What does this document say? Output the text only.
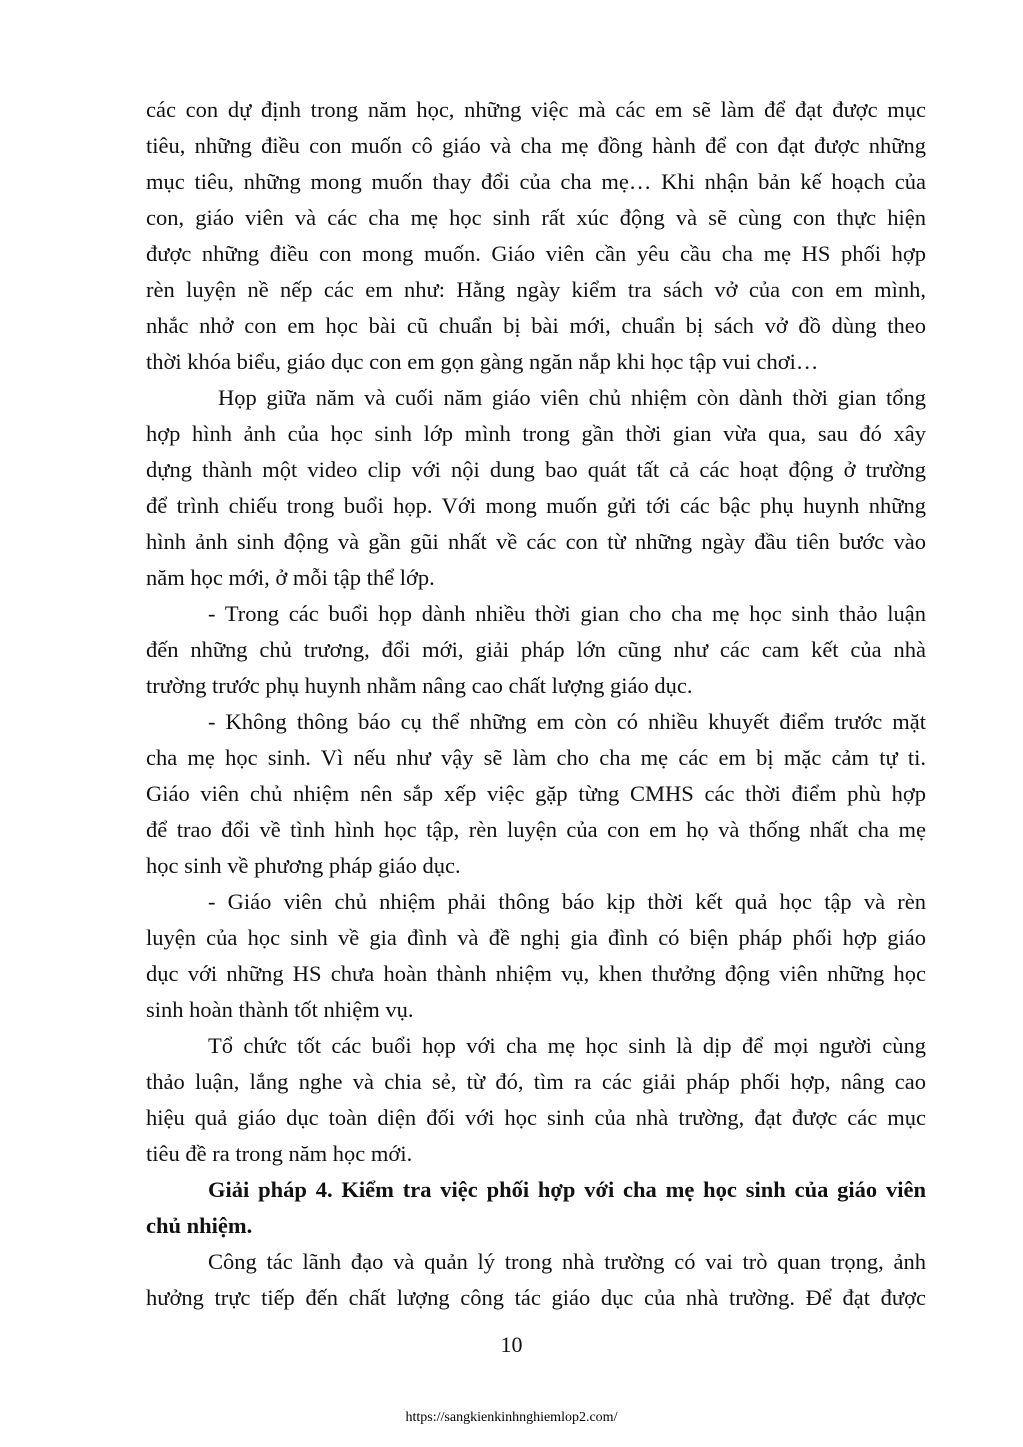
các con dự định trong năm học, những việc mà các em sẽ làm để đạt được mục
tiêu, những điều con muốn cô giáo và cha mẹ đồng hành để con đạt được những
mục tiêu, những mong muốn thay đổi của cha mẹ… Khi nhận bản kế hoạch của
con, giáo viên và các cha mẹ học sinh rất xúc động và sẽ cùng con thực hiện
được những điều con mong muốn. Giáo viên cần yêu cầu cha mẹ HS phối hợp
rèn luyện nề nếp các em như: Hằng ngày kiểm tra sách vở của con em mình,
nhắc nhở con em học bài cũ chuẩn bị bài mới, chuẩn bị sách vở đồ dùng theo
thời khóa biểu, giáo dục con em gọn gàng ngăn nắp khi học tập vui chơi…
Họp giữa năm và cuối năm giáo viên chủ nhiệm còn dành thời gian tổng
hợp hình ảnh của học sinh lớp mình trong gần thời gian vừa qua, sau đó xây
dựng thành một video clip với nội dung bao quát tất cả các hoạt động ở trường
để trình chiếu trong buổi họp. Với mong muốn gửi tới các bậc phụ huynh những
hình ảnh sinh động và gần gũi nhất về các con từ những ngày đầu tiên bước vào
năm học mới, ở mỗi tập thể lớp.
- Trong các buổi họp dành nhiều thời gian cho cha mẹ học sinh thảo luận
đến những chủ trương, đổi mới, giải pháp lớn cũng như các cam kết của nhà
trường trước phụ huynh nhằm nâng cao chất lượng giáo dục.
- Không thông báo cụ thể những em còn có nhiều khuyết điểm trước mặt
cha mẹ học sinh. Vì nếu như vậy sẽ làm cho cha mẹ các em bị mặc cảm tự ti.
Giáo viên chủ nhiệm nên sắp xếp việc gặp từng CMHS các thời điểm phù hợp
để trao đổi về tình hình học tập, rèn luyện của con em họ và thống nhất cha mẹ
học sinh về phương pháp giáo dục.
- Giáo viên chủ nhiệm phải thông báo kịp thời kết quả học tập và rèn
luyện của học sinh về gia đình và đề nghị gia đình có biện pháp phối hợp giáo
dục với những HS chưa hoàn thành nhiệm vụ, khen thưởng động viên những học
sinh hoàn thành tốt nhiệm vụ.
Tổ chức tốt các buổi họp với cha mẹ học sinh là dịp để mọi người cùng
thảo luận, lắng nghe và chia sẻ, từ đó, tìm ra các giải pháp phối hợp, nâng cao
hiệu quả giáo dục toàn diện đối với học sinh của nhà trường, đạt được các mục
tiêu đề ra trong năm học mới.
Giải pháp 4. Kiểm tra việc phối hợp với cha mẹ học sinh của giáo viên
chủ nhiệm.
Công tác lãnh đạo và quản lý trong nhà trường có vai trò quan trọng, ảnh
hưởng trực tiếp đến chất lượng công tác giáo dục của nhà trường. Để đạt được
10
https://sangkienkinhnghiemlop2.com/
